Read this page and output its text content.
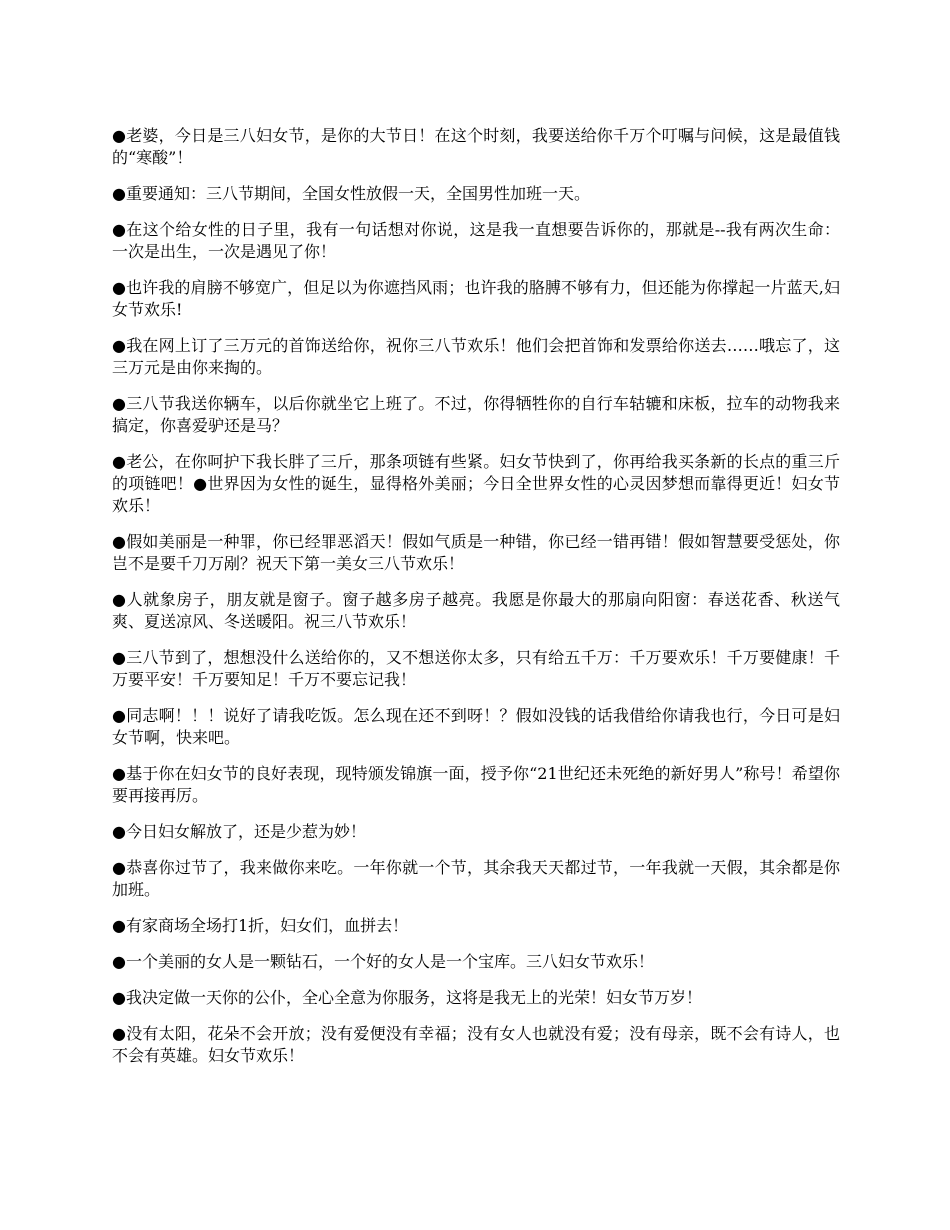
●老婆，今日是三八妇女节，是你的大节日！在这个时刻，我要送给你千万个叮嘱与问候，这是最值钱的“寒酸”！

●重要通知：三八节期间，全国女性放假一天，全国男性加班一天。

●在这个给女性的日子里，我有一句话想对你说，这是我一直想要告诉你的，那就是--我有两次生命：一次是出生，一次是遇见了你！

●也许我的肩膀不够宽广，但足以为你遮挡风雨；也许我的胳膊不够有力，但还能为你撑起一片蓝天,妇女节欢乐!

●我在网上订了三万元的首饰送给你，祝你三八节欢乐！他们会把首饰和发票给你送去……哦忘了，这三万元是由你来掏的。

●三八节我送你辆车，以后你就坐它上班了。不过，你得牺牲你的自行车轱辘和床板，拉车的动物我来搞定，你喜爱驴还是马？

●老公，在你呵护下我长胖了三斤，那条项链有些紧。妇女节快到了，你再给我买条新的长点的重三斤的项链吧！●世界因为女性的诞生，显得格外美丽；今日全世界女性的心灵因梦想而靠得更近！妇女节欢乐！

●假如美丽是一种罪，你已经罪恶滔天！假如气质是一种错，你已经一错再错！假如智慧要受惩处，你岂不是要千刀万剐？祝天下第一美女三八节欢乐！

●人就象房子，朋友就是窗子。窗子越多房子越亮。我愿是你最大的那扇向阳窗：春送花香、秋送气爽、夏送凉风、冬送暖阳。祝三八节欢乐！

●三八节到了，想想没什么送给你的，又不想送你太多，只有给五千万：千万要欢乐！千万要健康！千万要平安！千万要知足！千万不要忘记我！

●同志啊！！！说好了请我吃饭。怎么现在还不到呀！？假如没钱的话我借给你请我也行，今日可是妇女节啊，快来吧。

●基于你在妇女节的良好表现，现特颁发锦旗一面，授予你“21世纪还未死绝的新好男人”称号！希望你要再接再厉。

●今日妇女解放了，还是少惹为妙！

●恭喜你过节了，我来做你来吃。一年你就一个节，其余我天天都过节，一年我就一天假，其余都是你加班。

●有家商场全场打1折，妇女们，血拼去！

●一个美丽的女人是一颗钻石，一个好的女人是一个宝库。三八妇女节欢乐！

●我决定做一天你的公仆，全心全意为你服务，这将是我无上的光荣！妇女节万岁！

●没有太阳，花朵不会开放；没有爱便没有幸福；没有女人也就没有爱；没有母亲，既不会有诗人，也不会有英雄。妇女节欢乐！
